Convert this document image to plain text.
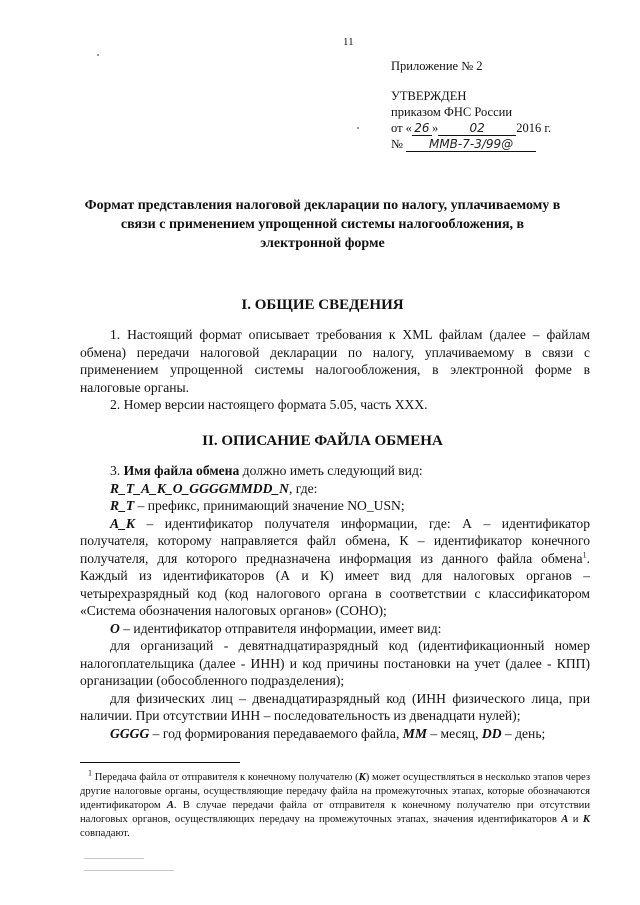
11
Приложение № 2
УТВЕРЖДЕН
приказом ФНС России
от « 26 »	02	2016 г.
№ ММВ-7-3/99@
Формат представления налоговой декларации по налогу, уплачиваемому в связи с применением упрощенной системы налогообложения, в электронной форме
I. ОБЩИЕ СВЕДЕНИЯ

1. Настоящий формат описывает требования к XML файлам (далее – файлам обмена) передачи налоговой декларации по налогу, уплачиваемому в связи с применением упрощенной системы налогообложения, в электронной форме в налоговые органы.

2. Номер версии настоящего формата 5.05, часть XXX.

II. ОПИСАНИЕ ФАЙЛА ОБМЕНА

3. Имя файла обмена должно иметь следующий вид:

R_T_A_K_O_GGGGMMDD_N, где:

R_T – префикс, принимающий значение NO_USN;

A_K – идентификатор получателя информации, где: А – идентификатор получателя, которому направляется файл обмена, К – идентификатор конечного получателя, для которого предназначена информация из данного файла обмена$^1$. Каждый из идентификаторов (А и К) имеет вид для налоговых органов – четырехразрядный код (код налогового органа в соответствии с классификатором «Система обозначения налоговых органов» (СОНО);

O – идентификатор отправителя информации, имеет вид:

для организаций - девятнадцатиразрядный код (идентификационный номер налогоплательщика (далее - ИНН) и код причины постановки на учет (далее - КПП) организации (обособленного подразделения);

для физических лиц – двенадцатиразрядный код (ИНН физического лица, при наличии. При отсутствии ИНН – последовательность из двенадцати нулей);

GGGG – год формирования передаваемого файла, MM – месяц, DD – день;

$^1$ Передача файла от отправителя к конечному получателю (К) может осуществляться в несколько этапов через другие налоговые органы, осуществляющие передачу файла на промежуточных этапах, которые обозначаются идентификатором А. В случае передачи файла от отправителя к конечному получателю при отсутствии налоговых органов, осуществляющих передачу на промежуточных этапах, значения идентификаторов А и К совпадают.
